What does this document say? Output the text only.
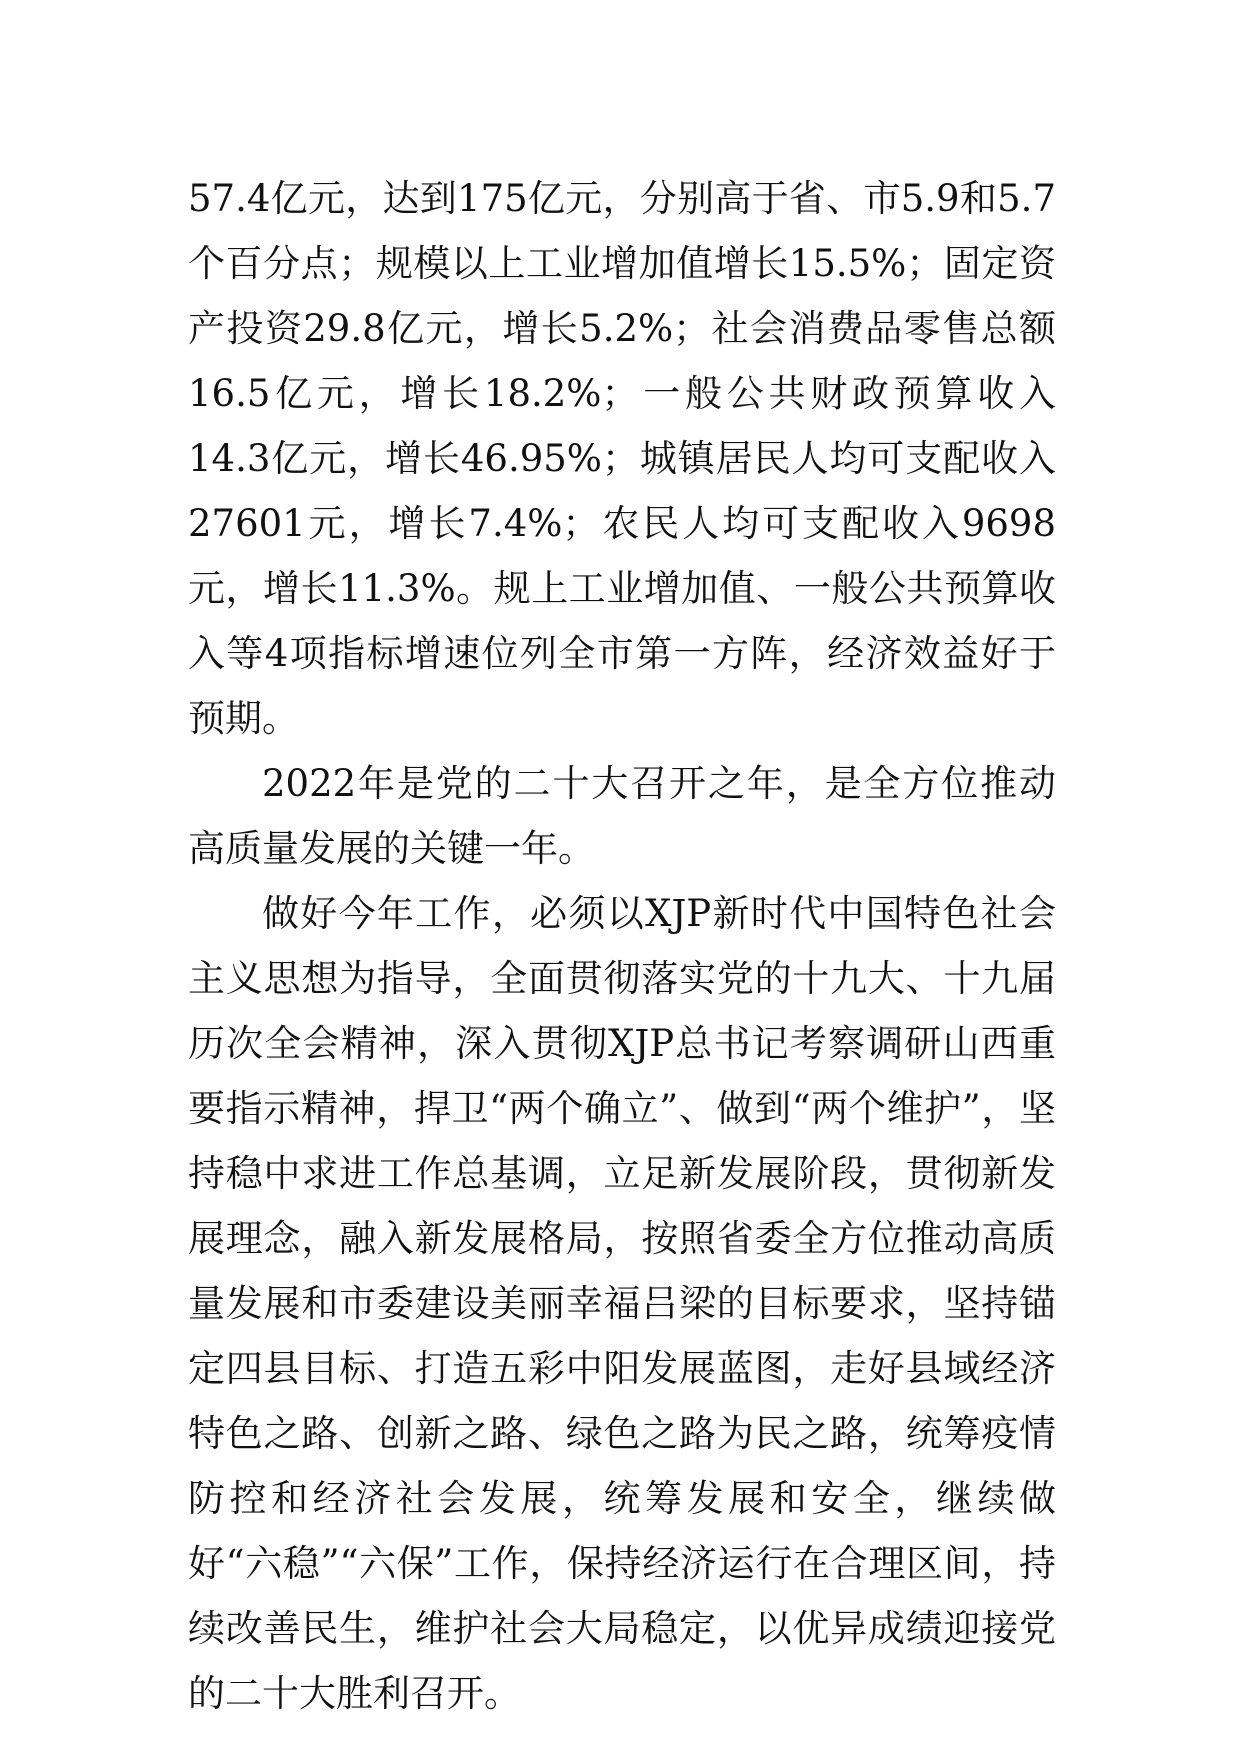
57.4亿元，达到175亿元，分别高于省、市5.9和5.7个百分点；规模以上工业增加值增长15.5%；固定资产投资29.8亿元，增长5.2%；社会消费品零售总额16.5亿元，增长18.2%；一般公共财政预算收入14.3亿元，增长46.95%；城镇居民人均可支配收入27601元，增长7.4%；农民人均可支配收入9698元，增长11.3%。规上工业增加值、一般公共预算收入等4项指标增速位列全市第一方阵，经济效益好于预期。

2022年是党的二十大召开之年，是全方位推动高质量发展的关键一年。

做好今年工作，必须以XJP新时代中国特色社会主义思想为指导，全面贯彻落实党的十九大、十九届历次全会精神，深入贯彻XJP总书记考察调研山西重要指示精神，捍卫“两个确立”、做到“两个维护”，坚持稳中求进工作总基调，立足新发展阶段，贯彻新发展理念，融入新发展格局，按照省委全方位推动高质量发展和市委建设美丽幸福吕梁的目标要求，坚持锚定四县目标、打造五彩中阳发展蓝图，走好县域经济特色之路、创新之路、绿色之路为民之路，统筹疫情防控和经济社会发展，统筹发展和安全，继续做好“六稳”“六保”工作，保持经济运行在合理区间，持续改善民生，维护社会大局稳定，以优异成绩迎接党的二十大胜利召开。
